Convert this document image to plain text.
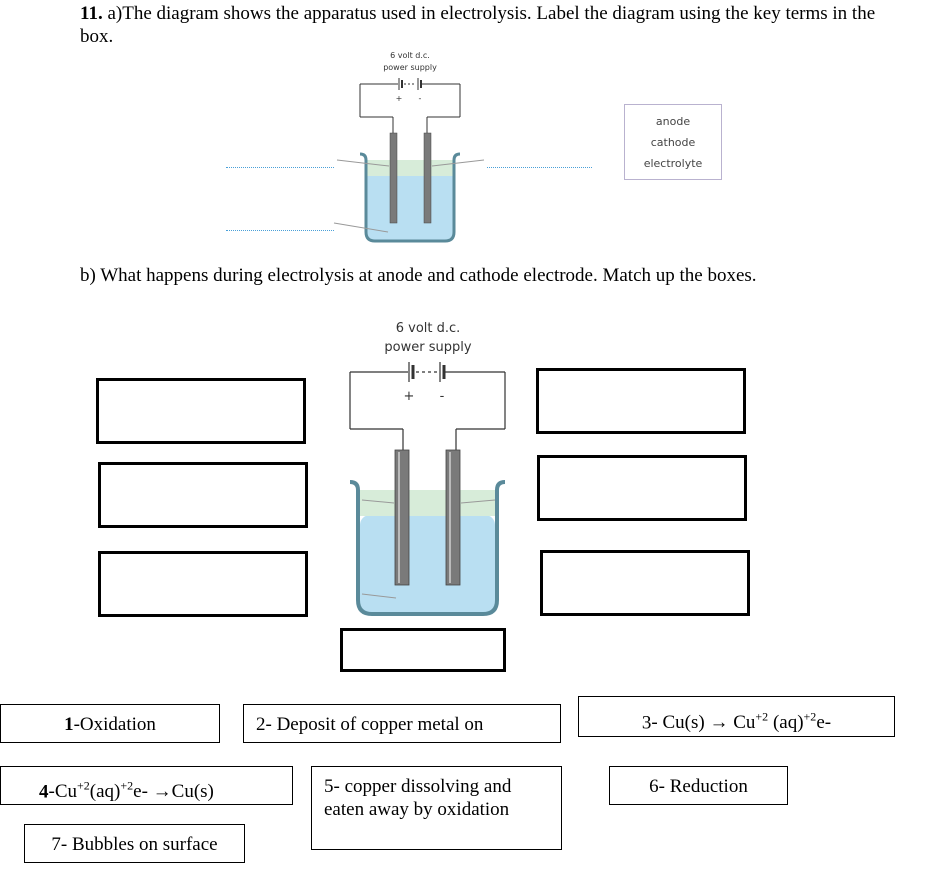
11. a)The diagram shows the apparatus used in electrolysis. Label the diagram using the key terms in the box.
6 volt d.c.
power supply
+ -
anode
cathode
electrolyte
b) What happens during electrolysis at anode and cathode electrode. Match up the boxes.
6 volt d.c.
power supply
+ -
1-Oxidation	2- Deposit of copper metal on	3- $Cu(s) \to Cu^{+2}$ (aq)$^{+2}$e-
$4-Cu^{+2}(aq)^{+2}e- \to Cu(s)$	5- copper dissolving and
eaten away by oxidation
6- Reduction
7- Bubbles on surface
